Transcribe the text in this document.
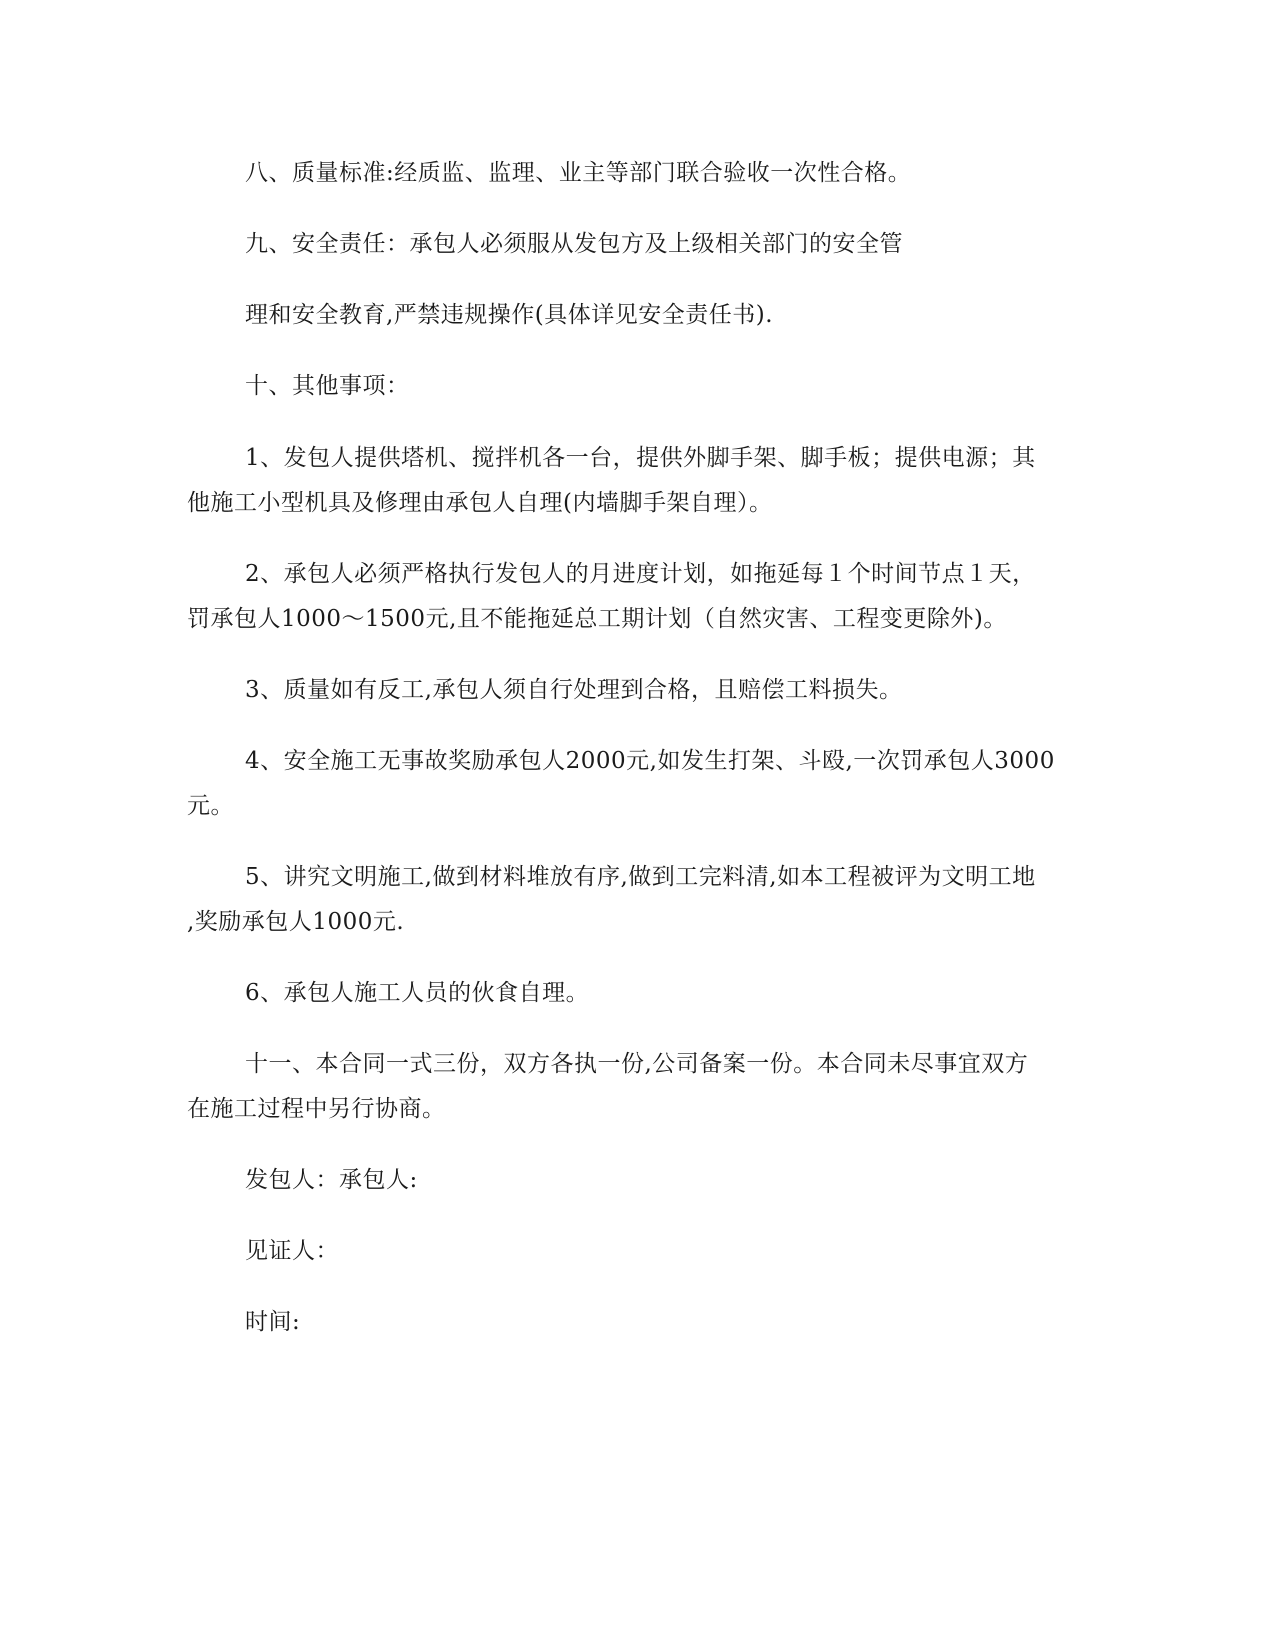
八、质量标准:经质监、监理、业主等部门联合验收一次性合格。
九、安全责任：承包人必须服从发包方及上级相关部门的安全管
理和安全教育,严禁违规操作(具体详见安全责任书).
十、其他事项：
1、发包人提供塔机、搅拌机各一台，提供外脚手架、脚手板；提供电源；其
他施工小型机具及修理由承包人自理(内墙脚手架自理）。
2、承包人必须严格执行发包人的月进度计划，如拖延每１个时间节点１天，
罚承包人1000～1500元,且不能拖延总工期计划（自然灾害、工程变更除外)。
3、质量如有反工,承包人须自行处理到合格，且赔偿工料损失。
4、安全施工无事故奖励承包人2000元,如发生打架、斗殴,一次罚承包人3000
元。
5、讲究文明施工,做到材料堆放有序,做到工完料清,如本工程被评为文明工地
,奖励承包人1000元.
6、承包人施工人员的伙食自理。
十一、本合同一式三份，双方各执一份,公司备案一份。本合同未尽事宜双方
在施工过程中另行协商。
发包人：承包人:
见证人：
时间:
